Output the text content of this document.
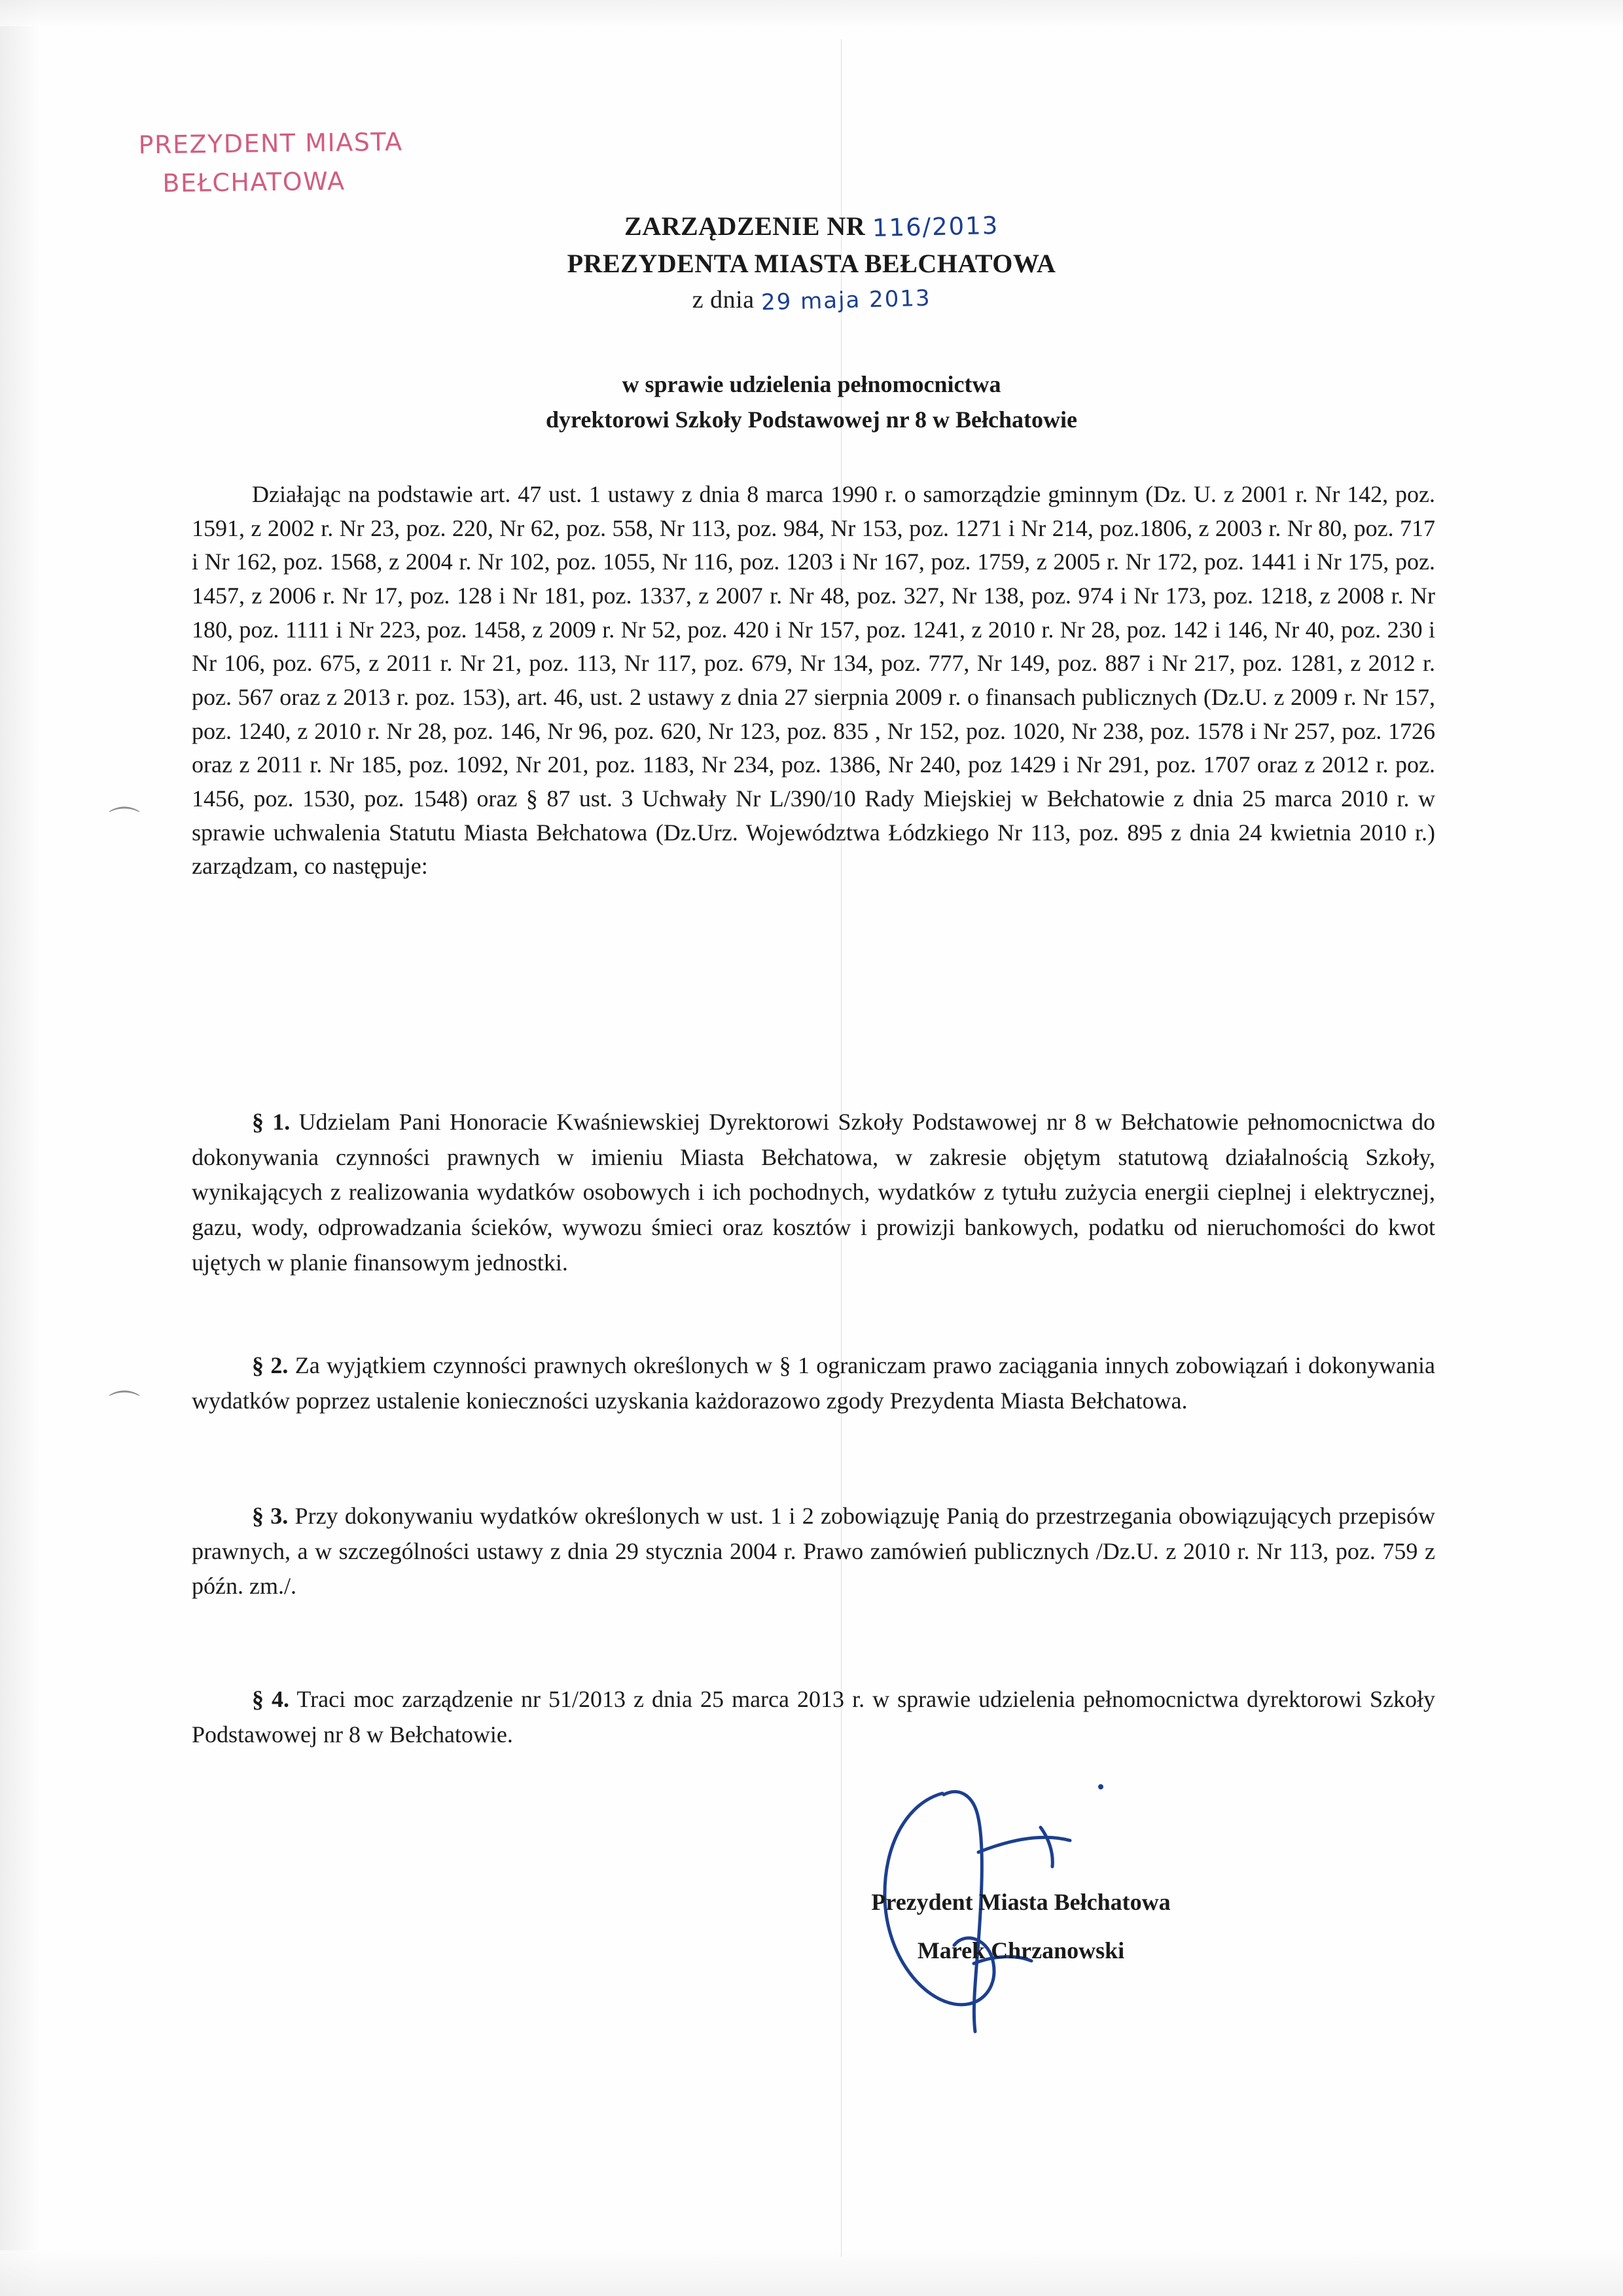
PREZYDENT MIASTA
BEŁCHATOWA
⌒
⌒
ZARZĄDZENIE NR 116/2013
PREZYDENTA MIASTA BEŁCHATOWA
z dnia 29 maja 2013
w sprawie udzielenia pełnomocnictwa
dyrektorowi Szkoły Podstawowej nr 8 w Bełchatowie
Działając na podstawie art. 47 ust. 1 ustawy z dnia 8 marca 1990 r. o samorządzie gminnym (Dz. U. z 2001 r. Nr 142, poz. 1591, z 2002 r. Nr 23, poz. 220, Nr 62, poz. 558, Nr 113, poz. 984, Nr 153, poz. 1271 i Nr 214, poz.1806, z 2003 r. Nr 80, poz. 717 i Nr 162, poz. 1568, z 2004 r. Nr 102, poz. 1055, Nr 116, poz. 1203 i Nr 167, poz. 1759, z 2005 r. Nr 172, poz. 1441 i Nr 175, poz. 1457, z 2006 r. Nr 17, poz. 128 i Nr 181, poz. 1337, z 2007 r. Nr 48, poz. 327, Nr 138, poz. 974 i Nr 173, poz. 1218, z 2008 r. Nr 180, poz. 1111 i Nr 223, poz. 1458, z 2009 r. Nr 52, poz. 420 i Nr 157, poz. 1241, z 2010 r. Nr 28, poz. 142 i 146, Nr 40, poz. 230 i Nr 106, poz. 675, z 2011 r. Nr 21, poz. 113, Nr 117, poz. 679, Nr 134, poz. 777, Nr 149, poz. 887 i Nr 217, poz. 1281, z 2012 r. poz. 567 oraz z 2013 r. poz. 153), art. 46, ust. 2 ustawy z dnia 27 sierpnia 2009 r. o finansach publicznych (Dz.U. z 2009 r. Nr 157, poz. 1240, z 2010 r. Nr 28, poz. 146, Nr 96, poz. 620, Nr 123, poz. 835 , Nr 152, poz. 1020, Nr 238, poz. 1578 i Nr 257, poz. 1726 oraz z 2011 r. Nr 185, poz. 1092, Nr 201, poz. 1183, Nr 234, poz. 1386, Nr 240, poz 1429 i Nr 291, poz. 1707 oraz z 2012 r. poz. 1456, poz. 1530, poz. 1548) oraz § 87 ust. 3 Uchwały Nr L/390/10 Rady Miejskiej w Bełchatowie z dnia 25 marca 2010 r. w sprawie uchwalenia Statutu Miasta Bełchatowa (Dz.Urz. Województwa Łódzkiego Nr 113, poz. 895 z dnia 24 kwietnia 2010 r.) zarządzam, co następuje:
§ 1. Udzielam Pani Honoracie Kwaśniewskiej Dyrektorowi Szkoły Podstawowej nr 8 w Bełchatowie pełnomocnictwa do dokonywania czynności prawnych w imieniu Miasta Bełchatowa, w zakresie objętym statutową działalnością Szkoły, wynikających z realizowania wydatków osobowych i ich pochodnych, wydatków z tytułu zużycia energii cieplnej i elektrycznej, gazu, wody, odprowadzania ścieków, wywozu śmieci oraz kosztów i prowizji bankowych, podatku od nieruchomości do kwot ujętych w planie finansowym jednostki.
§ 2. Za wyjątkiem czynności prawnych określonych w § 1 ograniczam prawo zaciągania innych zobowiązań i dokonywania wydatków poprzez ustalenie konieczności uzyskania każdorazowo zgody Prezydenta Miasta Bełchatowa.
§ 3. Przy dokonywaniu wydatków określonych w ust. 1 i 2 zobowiązuję Panią do przestrzegania obowiązujących przepisów prawnych, a w szczególności ustawy z dnia 29 stycznia 2004 r. Prawo zamówień publicznych /Dz.U. z 2010 r. Nr 113, poz. 759 z późn. zm./.
§ 4. Traci moc zarządzenie nr 51/2013 z dnia 25 marca 2013 r. w sprawie udzielenia pełnomocnictwa dyrektorowi Szkoły Podstawowej nr 8 w Bełchatowie.
Prezydent Miasta Bełchatowa
Marek Chrzanowski
